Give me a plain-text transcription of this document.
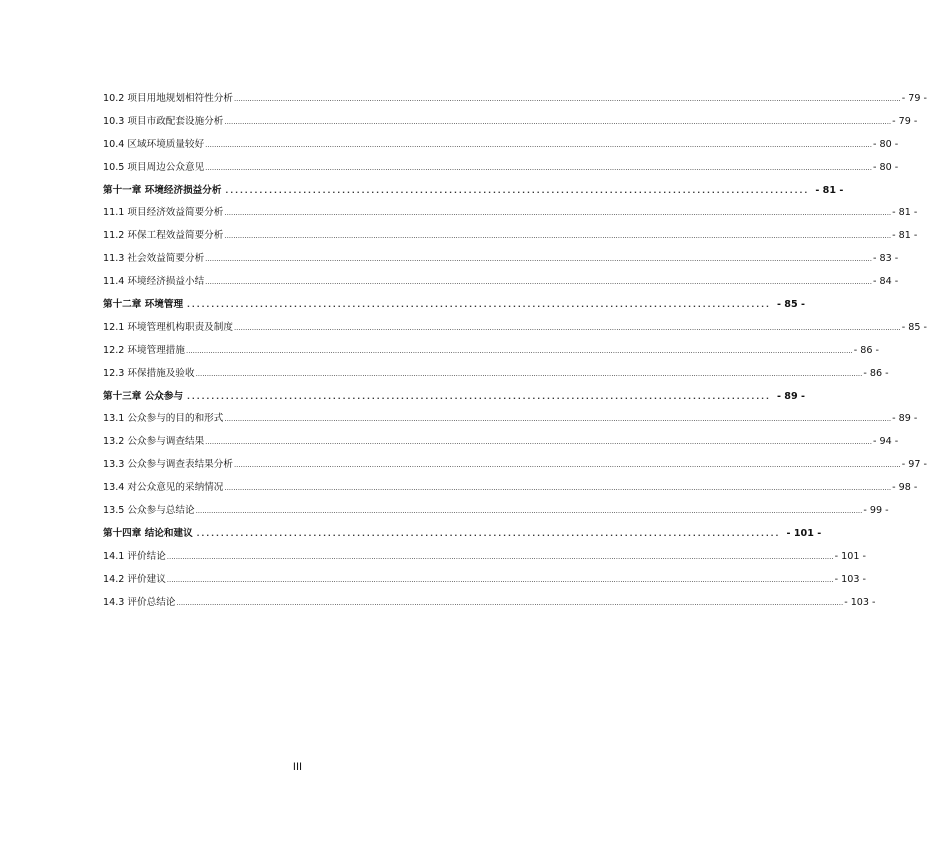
10.2 项目用地规划相符性分析 ............................................................................................................................................................................................................................................................................................................ - 79 -
10.3 项目市政配套设施分析 ............................................................................................................................................................................................................................................................................................................ - 79 -
10.4 区域环境质量较好 ............................................................................................................................................................................................................................................................................................................ - 80 -
10.5 项目周边公众意见 ............................................................................................................................................................................................................................................................................................................ - 80 -
第十一章 环境经济损益分析 ........................................................................................................................ - 81 -
11.1 项目经济效益简要分析 ............................................................................................................................................................................................................................................................................................................ - 81 -
11.2 环保工程效益简要分析 ............................................................................................................................................................................................................................................................................................................ - 81 -
11.3 社会效益简要分析 ............................................................................................................................................................................................................................................................................................................ - 83 -
11.4 环境经济损益小结 ............................................................................................................................................................................................................................................................................................................ - 84 -
第十二章 环境管理 ........................................................................................................................ - 85 -
12.1 环境管理机构职责及制度 ............................................................................................................................................................................................................................................................................................................ - 85 -
12.2 环境管理措施 ............................................................................................................................................................................................................................................................................................................ - 86 -
12.3 环保措施及验收 ............................................................................................................................................................................................................................................................................................................ - 86 -
第十三章 公众参与 ........................................................................................................................ - 89 -
13.1 公众参与的目的和形式 ............................................................................................................................................................................................................................................................................................................ - 89 -
13.2 公众参与调查结果 ............................................................................................................................................................................................................................................................................................................ - 94 -
13.3 公众参与调查表结果分析 ............................................................................................................................................................................................................................................................................................................ - 97 -
13.4 对公众意见的采纳情况 ............................................................................................................................................................................................................................................................................................................ - 98 -
13.5 公众参与总结论 ............................................................................................................................................................................................................................................................................................................ - 99 -
第十四章 结论和建议 ........................................................................................................................ - 101 -
14.1 评价结论 ............................................................................................................................................................................................................................................................................................................ - 101 -
14.2 评价建议 ............................................................................................................................................................................................................................................................................................................ - 103 -
14.3 评价总结论 ............................................................................................................................................................................................................................................................................................................ - 103 -
III
